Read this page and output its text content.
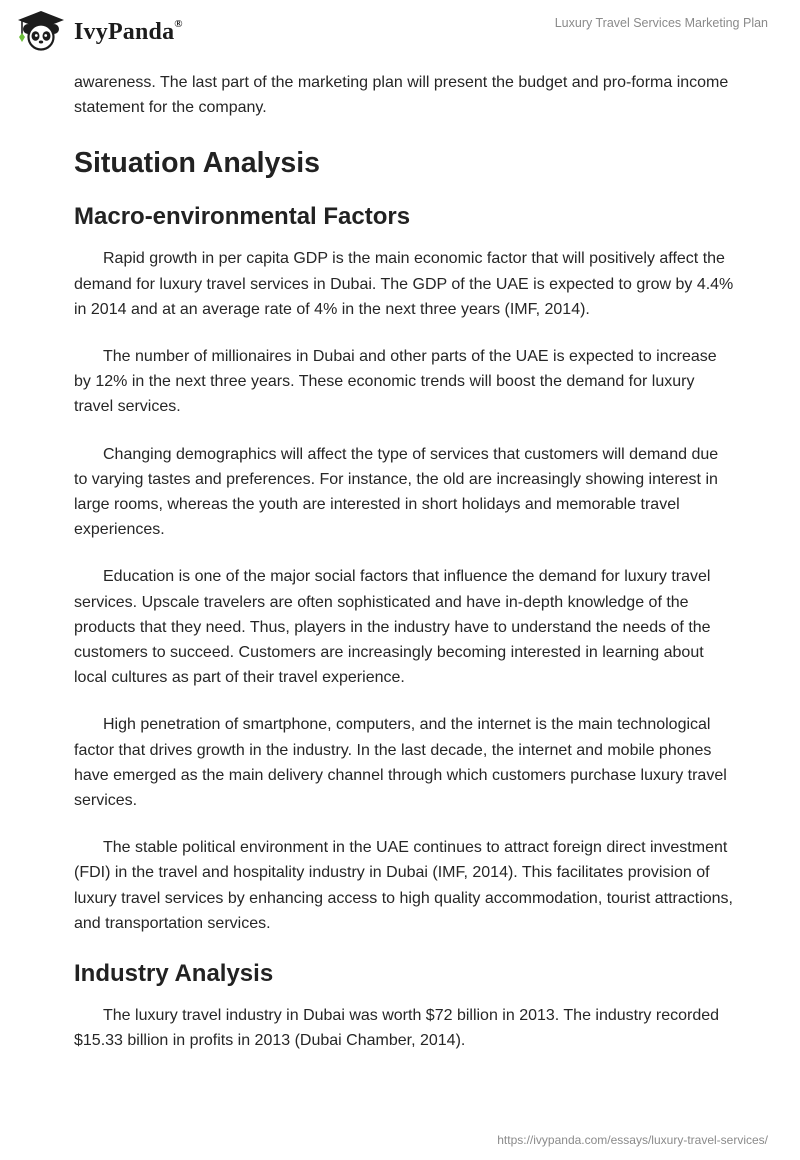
IvyPanda®	Luxury Travel Services Marketing Plan

awareness. The last part of the marketing plan will present the budget and pro-forma income statement for the company.

Situation Analysis
Macro-environmental Factors

Rapid growth in per capita GDP is the main economic factor that will positively affect the demand for luxury travel services in Dubai. The GDP of the UAE is expected to grow by 4.4% in 2014 and at an average rate of 4% in the next three years (IMF, 2014).

The number of millionaires in Dubai and other parts of the UAE is expected to increase by 12% in the next three years. These economic trends will boost the demand for luxury travel services.

Changing demographics will affect the type of services that customers will demand due to varying tastes and preferences. For instance, the old are increasingly showing interest in large rooms, whereas the youth are interested in short holidays and memorable travel experiences.

Education is one of the major social factors that influence the demand for luxury travel services. Upscale travelers are often sophisticated and have in-depth knowledge of the products that they need. Thus, players in the industry have to understand the needs of the customers to succeed. Customers are increasingly becoming interested in learning about local cultures as part of their travel experience.

High penetration of smartphone, computers, and the internet is the main technological factor that drives growth in the industry. In the last decade, the internet and mobile phones have emerged as the main delivery channel through which customers purchase luxury travel services.

The stable political environment in the UAE continues to attract foreign direct investment (FDI) in the travel and hospitality industry in Dubai (IMF, 2014). This facilitates provision of luxury travel services by enhancing access to high quality accommodation, tourist attractions, and transportation services.

Industry Analysis

The luxury travel industry in Dubai was worth $72 billion in 2013. The industry recorded $15.33 billion in profits in 2013 (Dubai Chamber, 2014).

https://ivypanda.com/essays/luxury-travel-services/
